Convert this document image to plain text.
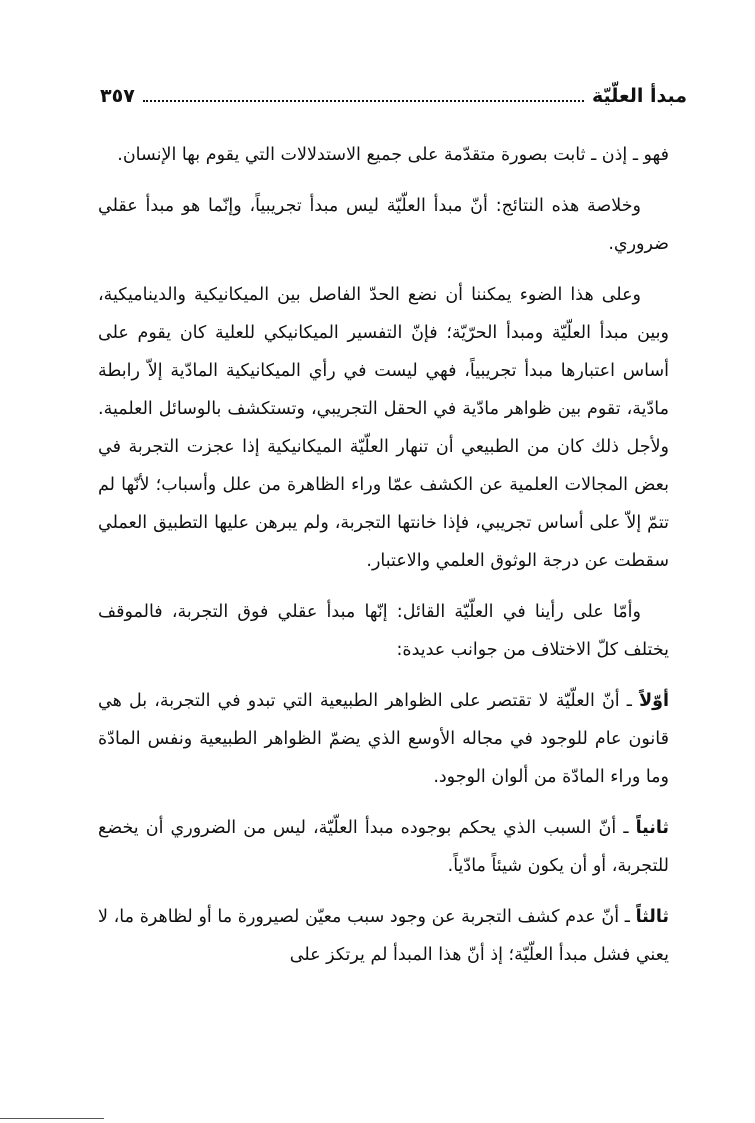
مبدأ العلّيّة
٣٥٧

فهو ـ إذن ـ ثابت بصورة متقدّمة على جميع الاستدلالات التي يقوم بها الإنسان.

وخلاصة هذه النتائج: أنّ مبدأ العلّيّة ليس مبدأ تجريبياً، وإنّما هو مبدأ عقلي ضروري.

وعلى هذا الضوء يمكننا أن نضع الحدّ الفاصل بين الميكانيكية والديناميكية، وبين مبدأ العلّيّة ومبدأ الحرّيّة؛ فإنّ التفسير الميكانيكي للعلية كان يقوم على أساس اعتبارها مبدأ تجريبياً، فهي ليست في رأي الميكانيكية المادّية إلاّ رابطة مادّية، تقوم بين ظواهر مادّية في الحقل التجريبي، وتستكشف بالوسائل العلمية. ولأجل ذلك كان من الطبيعي أن تنهار العلّيّة الميكانيكية إذا عجزت التجربة في بعض المجالات العلمية عن الكشف عمّا وراء الظاهرة من علل وأسباب؛ لأنّها لم تتمّ إلاّ على أساس تجريبي، فإذا خانتها التجربة، ولم يبرهن عليها التطبيق العملي سقطت عن درجة الوثوق العلمي والاعتبار.

وأمّا على رأينا في العلّيّة القائل: إنّها مبدأ عقلي فوق التجربة، فالموقف يختلف كلّ الاختلاف من جوانب عديدة:

أوّلاً ـ أنّ العلّيّة لا تقتصر على الظواهر الطبيعية التي تبدو في التجربة، بل هي قانون عام للوجود في مجاله الأوسع الذي يضمّ الظواهر الطبيعية ونفس المادّة وما وراء المادّة من ألوان الوجود.

ثانياً ـ أنّ السبب الذي يحكم بوجوده مبدأ العلّيّة، ليس من الضروري أن يخضع للتجربة، أو أن يكون شيئاً مادّياً.

ثالثاً ـ أنّ عدم كشف التجربة عن وجود سبب معيّن لصيرورة ما أو لظاهرة ما، لا يعني فشل مبدأ العلّيّة؛ إذ أنّ هذا المبدأ لم يرتكز على
